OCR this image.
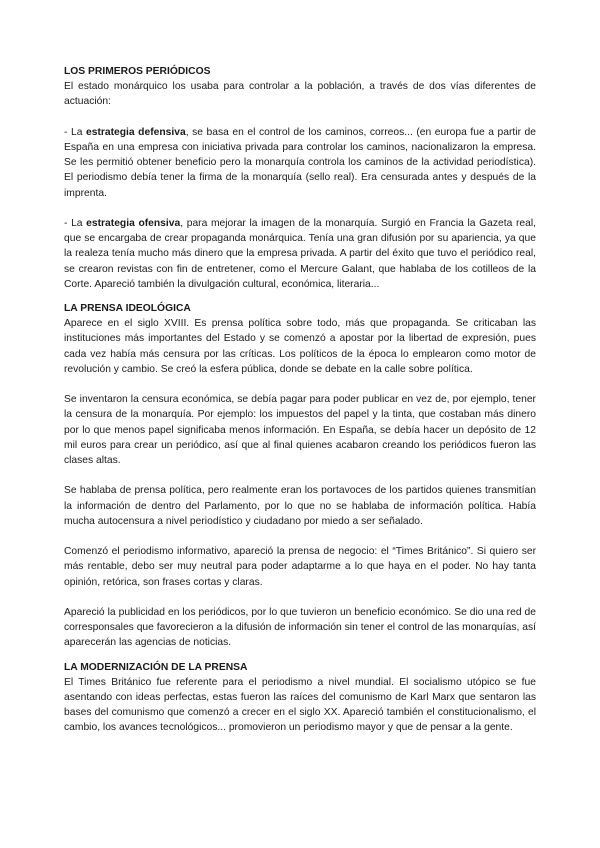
LOS PRIMEROS PERIÓDICOS

El estado monárquico los usaba para controlar a la población, a través de dos vías diferentes de actuación:

- La estrategia defensiva, se basa en el control de los caminos, correos... (en europa fue a partir de España en una empresa con iniciativa privada para controlar los caminos, nacionalizaron la empresa. Se les permitió obtener beneficio pero la monarquía controla los caminos de la actividad periodística). El periodismo debía tener la firma de la monarquía (sello real). Era censurada antes y después de la imprenta.

- La estrategia ofensiva, para mejorar la imagen de la monarquía. Surgió en Francia la Gazeta real, que se encargaba de crear propaganda monárquica. Tenía una gran difusión por su apariencia, ya que la realeza tenía mucho más dinero que la empresa privada. A partir del éxito que tuvo el periódico real, se crearon revistas con fin de entretener, como el Mercure Galant, que hablaba de los cotilleos de la Corte. Apareció también la divulgación cultural, económica, literaria...

LA PRENSA IDEOLÓGICA

Aparece en el siglo XVIII. Es prensa política sobre todo, más que propaganda. Se criticaban las instituciones más importantes del Estado y se comenzó a apostar por la libertad de expresión, pues cada vez había más censura por las críticas. Los políticos de la época lo emplearon como motor de revolución y cambio. Se creó la esfera pública, donde se debate en la calle sobre política.

Se inventaron la censura económica, se debía pagar para poder publicar en vez de, por ejemplo, tener la censura de la monarquía. Por ejemplo: los impuestos del papel y la tinta, que costaban más dinero por lo que menos papel significaba menos información. En España, se debía hacer un depósito de 12 mil euros para crear un periódico, así que al final quienes acabaron creando los periódicos fueron las clases altas.

Se hablaba de prensa política, pero realmente eran los portavoces de los partidos quienes transmitían la información de dentro del Parlamento, por lo que no se hablaba de información política. Había mucha autocensura a nivel periodístico y ciudadano por miedo a ser señalado.

Comenzó el periodismo informativo, apareció la prensa de negocio: el “Times Británico”. Si quiero ser más rentable, debo ser muy neutral para poder adaptarme a lo que haya en el poder. No hay tanta opinión, retórica, son frases cortas y claras.

Apareció la publicidad en los periódicos, por lo que tuvieron un beneficio económico. Se dio una red de corresponsales que favorecieron a la difusión de información sin tener el control de las monarquías, así aparecerán las agencias de noticias.

LA MODERNIZACIÓN DE LA PRENSA

El Times Británico fue referente para el periodismo a nivel mundial. El socialismo utópico se fue asentando con ideas perfectas, estas fueron las raíces del comunismo de Karl Marx que sentaron las bases del comunismo que comenzó a crecer en el siglo XX. Apareció también el constitucionalismo, el cambio, los avances tecnológicos... promovieron un periodismo mayor y que de pensar a la gente.
